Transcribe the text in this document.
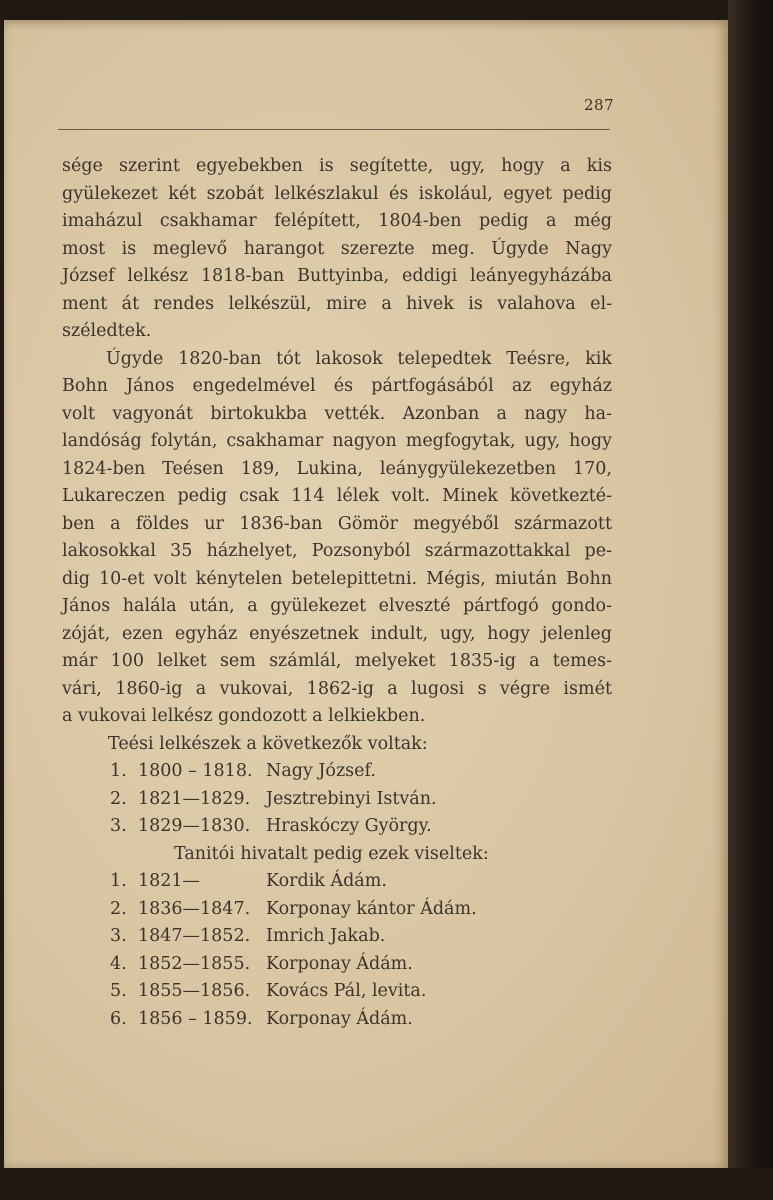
287
sége szerint egyebekben is segítette, ugy, hogy a kis
gyülekezet két szobát lelkészlakul és iskolául, egyet pedig
imaházul csakhamar felépített, 1804-ben pedig a még
most is meglevő harangot szerezte meg. Úgyde Nagy
József lelkész 1818-ban Buttyinba, eddigi leányegyházába
ment át rendes lelkészül, mire a hivek is valahova el-
széledtek.
Úgyde 1820-ban tót lakosok telepedtek Teésre, kik
Bohn János engedelmével és pártfogásából az egyház
volt vagyonát birtokukba vették. Azonban a nagy ha-
landóság folytán, csakhamar nagyon megfogytak, ugy, hogy
1824-ben Teésen 189, Lukina, leánygyülekezetben 170,
Lukareczen pedig csak 114 lélek volt. Minek következté-
ben a földes ur 1836-ban Gömör megyéből származott
lakosokkal 35 házhelyet, Pozsonyból származottakkal pe-
dig 10-et volt kénytelen betelepittetni. Mégis, miután Bohn
János halála után, a gyülekezet elveszté pártfogó gondo-
zóját, ezen egyház enyészetnek indult, ugy, hogy jelenleg
már 100 lelket sem számlál, melyeket 1835-ig a temes-
vári, 1860-ig a vukovai, 1862-ig a lugosi s végre ismét
a vukovai lelkész gondozott a lelkiekben.
Teési lelkészek a következők voltak:
1. 1800 – 1818. Nagy József.
2. 1821—1829. Jesztrebinyi István.
3. 1829—1830. Hraskóczy György.
Tanitói hivatalt pedig ezek viseltek:
1. 1821—	Kordik Ádám.
2. 1836—1847. Korponay kántor Ádám.
3. 1847—1852. Imrich Jakab.
4. 1852—1855. Korponay Ádám.
5. 1855—1856. Kovács Pál, levita.
6. 1856 – 1859. Korponay Ádám.
